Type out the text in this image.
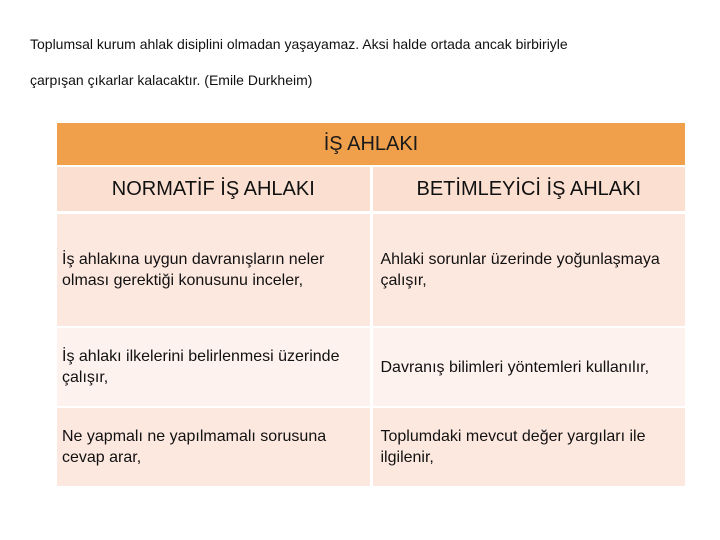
Toplumsal kurum ahlak disiplini olmadan yaşayamaz. Aksi halde ortada ancak birbiriyle
çarpışan çıkarlar kalacaktır. (Emile Durkheim)

İŞ AHLAKI	
NORMATİF İŞ AHLAKI	BETİMLEYİCİ İŞ AHLAKI
İş ahlakına uygun davranışların neler olması gerektiği konusunu inceler,	Ahlaki sorunlar üzerinde yoğunlaşmaya çalışır,
İş ahlakı ilkelerini belirlenmesi üzerinde çalışır,	Davranış bilimleri yöntemleri kullanılır,
Ne yapmalı ne yapılmamalı sorusuna cevap arar,	Toplumdaki mevcut değer yargıları ile ilgilenir,
